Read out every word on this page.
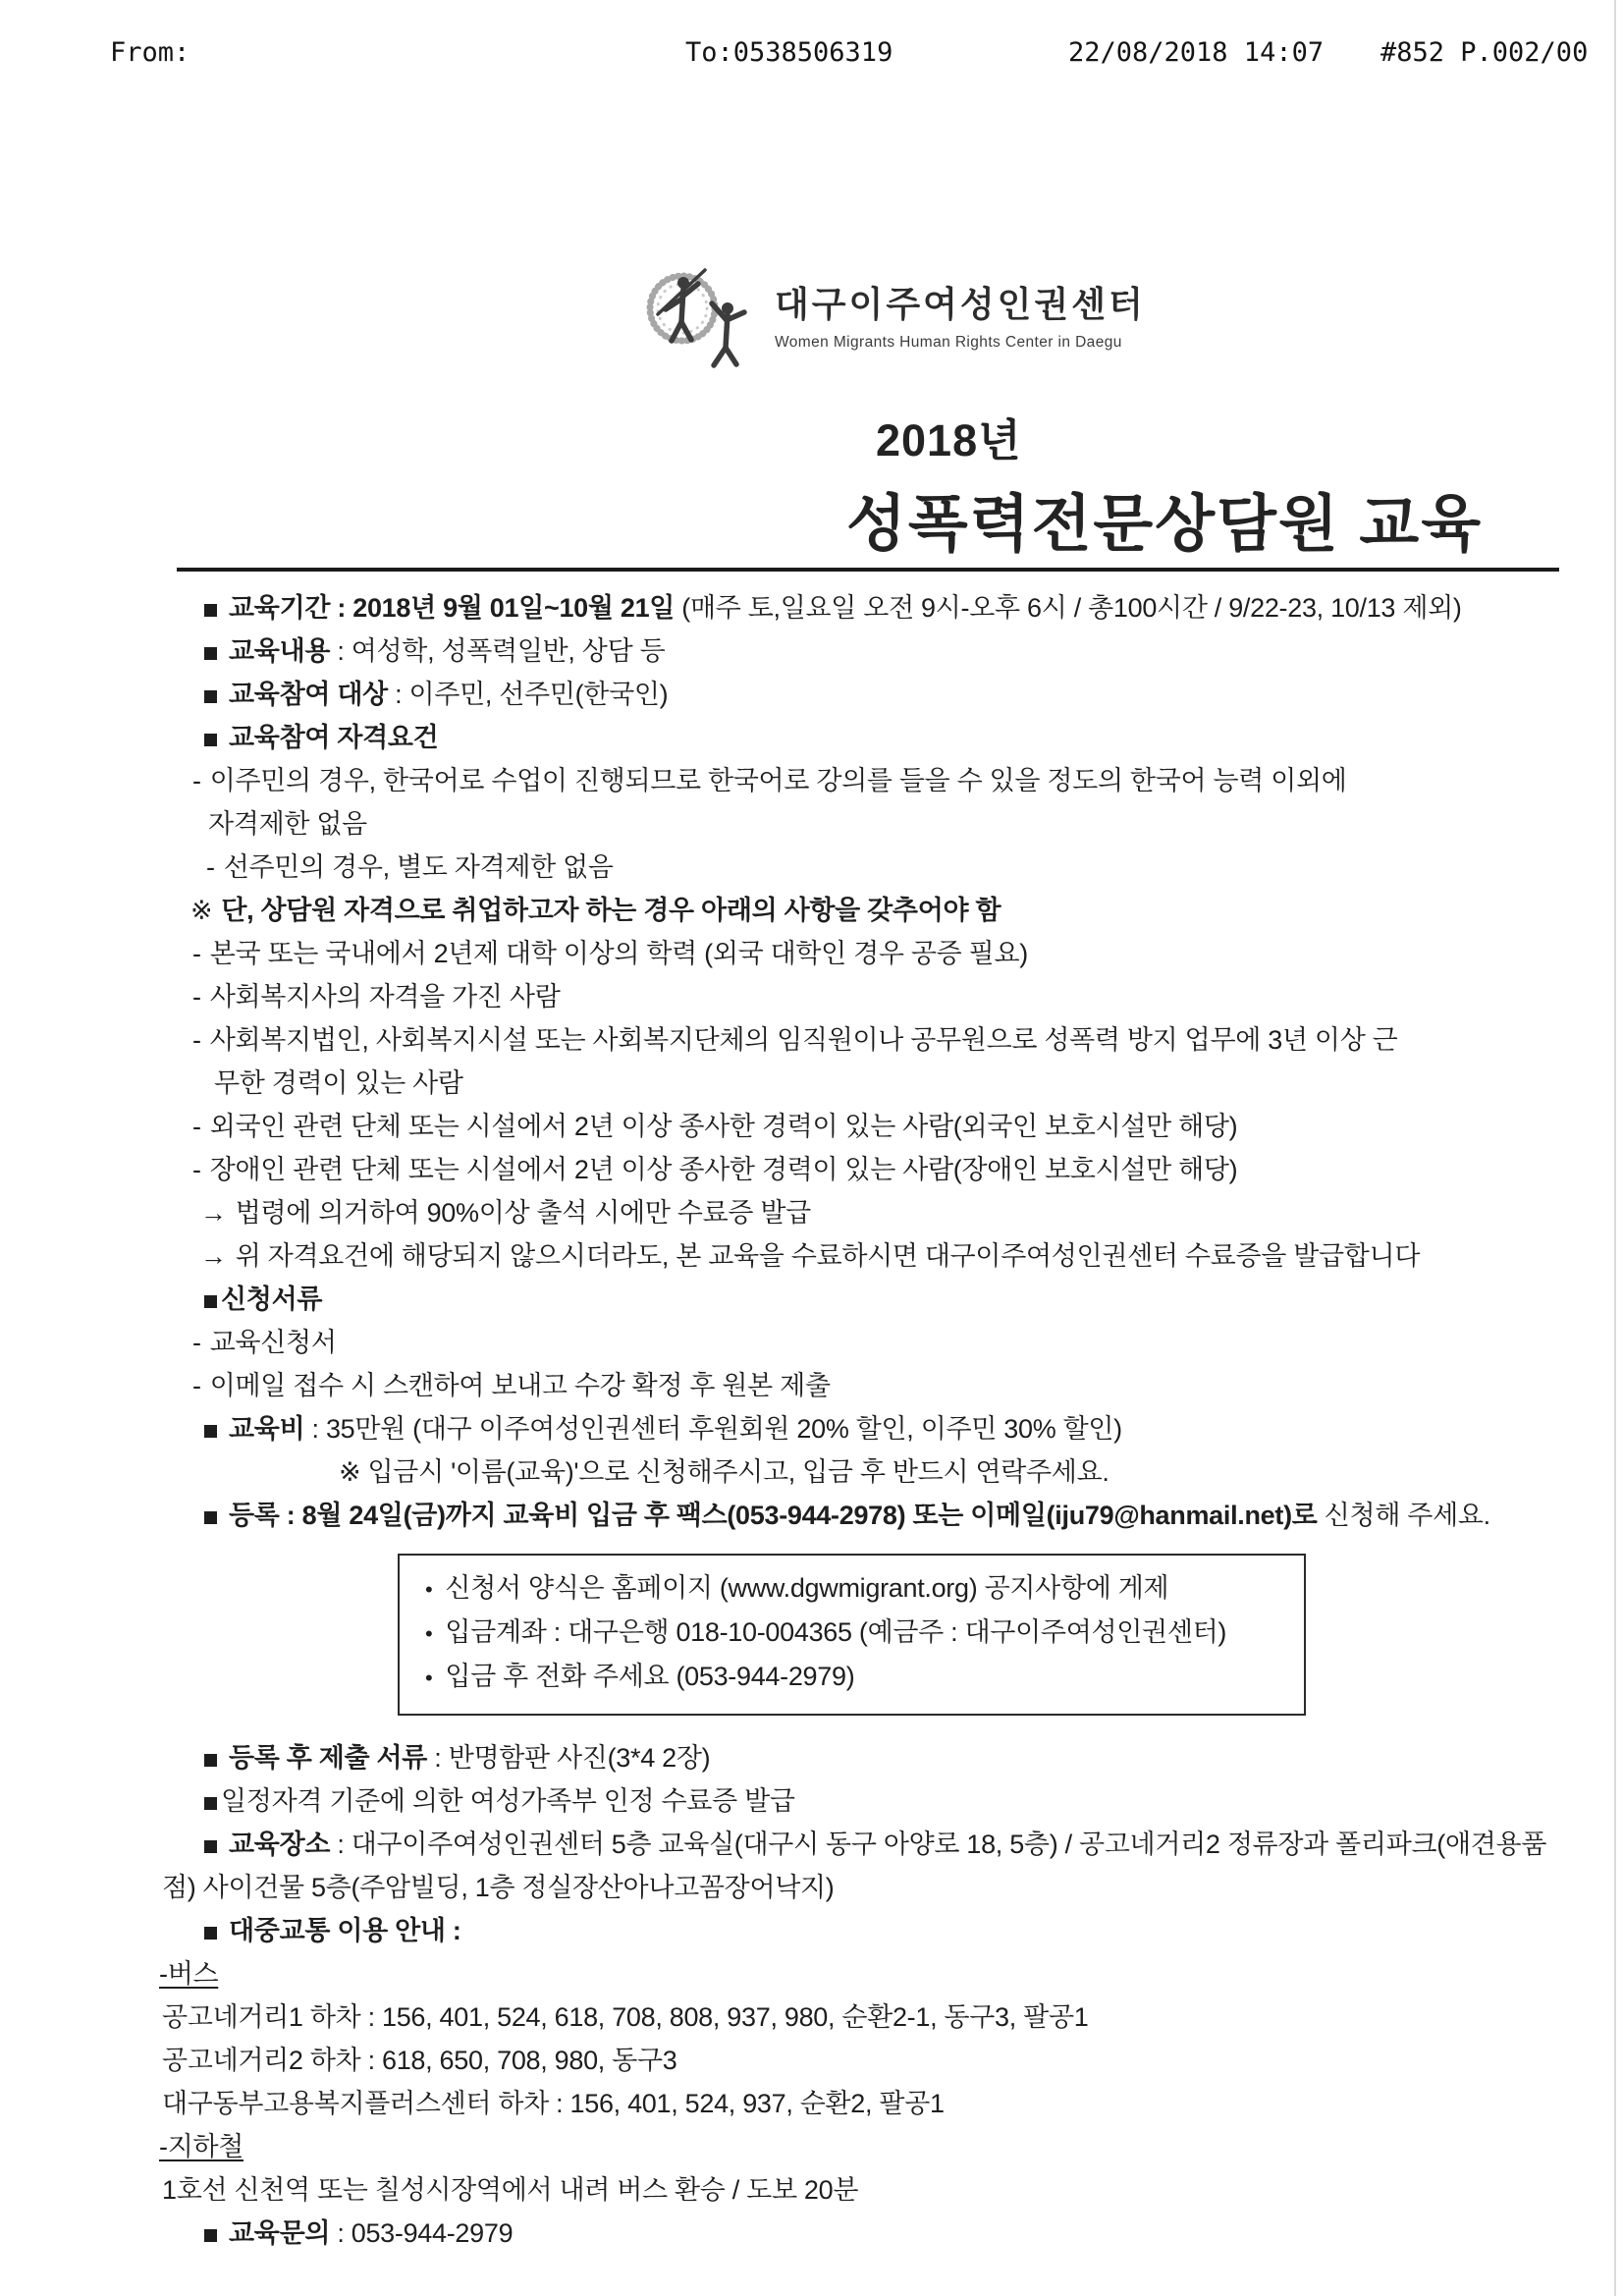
From:	To:0538506319	22/08/2018 14:07 #852 P.002/00
대구이주여성인권센터
Women Migrants Human Rights Center in Daegu
2018년
성폭력전문상담원 교육
교육기간 : 2018년 9월 01일~10월 21일 (매주 토,일요일 오전 9시-오후 6시 / 총100시간 / 9/22-23, 10/13 제외)
교육내용 : 여성학, 성폭력일반, 상담 등
교육참여 대상 : 이주민, 선주민(한국인)
교육참여 자격요건
- 이주민의 경우, 한국어로 수업이 진행되므로 한국어로 강의를 들을 수 있을 정도의 한국어 능력 이외에
자격제한 없음
- 선주민의 경우, 별도 자격제한 없음
※ 단, 상담원 자격으로 취업하고자 하는 경우 아래의 사항을 갖추어야 함
- 본국 또는 국내에서 2년제 대학 이상의 학력 (외국 대학인 경우 공증 필요)
- 사회복지사의 자격을 가진 사람
- 사회복지법인, 사회복지시설 또는 사회복지단체의 임직원이나 공무원으로 성폭력 방지 업무에 3년 이상 근
무한 경력이 있는 사람
- 외국인 관련 단체 또는 시설에서 2년 이상 종사한 경력이 있는 사람(외국인 보호시설만 해당)
- 장애인 관련 단체 또는 시설에서 2년 이상 종사한 경력이 있는 사람(장애인 보호시설만 해당)
→ 법령에 의거하여 90%이상 출석 시에만 수료증 발급
→ 위 자격요건에 해당되지 않으시더라도, 본 교육을 수료하시면 대구이주여성인권센터 수료증을 발급합니다
신청서류
- 교육신청서
- 이메일 접수 시 스캔하여 보내고 수강 확정 후 원본 제출
교육비 : 35만원 (대구 이주여성인권센터 후원회원 20% 할인, 이주민 30% 할인)
※ 입금시 '이름(교육)'으로 신청해주시고, 입금 후 반드시 연락주세요.
등록 : 8월 24일(금)까지 교육비 입금 후 팩스(053-944-2978) 또는 이메일(iju79@hanmail.net)로 신청해 주세요.
• 신청서 양식은 홈페이지 (www.dgwmigrant.org) 공지사항에 게제
• 입금계좌 : 대구은행 018-10-004365 (예금주 : 대구이주여성인권센터)
• 입금 후 전화 주세요 (053-944-2979)
등록 후 제출 서류 : 반명함판 사진(3*4 2장)
일정자격 기준에 의한 여성가족부 인정 수료증 발급
교육장소 : 대구이주여성인권센터 5층 교육실(대구시 동구 아양로 18, 5층) / 공고네거리2 정류장과 폴리파크(애견용품
점) 사이건물 5층(주암빌딩, 1층 정실장산아나고꼼장어낙지)
대중교통 이용 안내 :
-버스
공고네거리1 하차 : 156, 401, 524, 618, 708, 808, 937, 980, 순환2-1, 동구3, 팔공1
공고네거리2 하차 : 618, 650, 708, 980, 동구3
대구동부고용복지플러스센터 하차 : 156, 401, 524, 937, 순환2, 팔공1
-지하철
1호선 신천역 또는 칠성시장역에서 내려 버스 환승 / 도보 20분
교육문의 : 053-944-2979
